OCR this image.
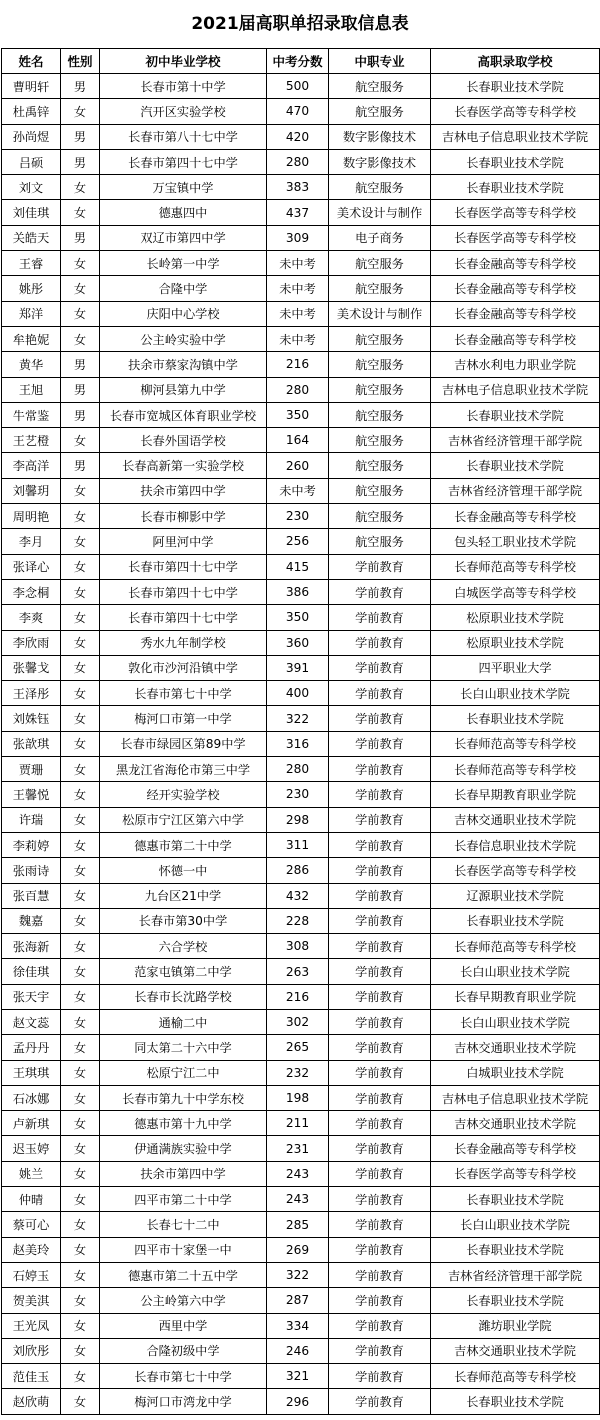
2021届高职单招录取信息表
姓名	性别	初中毕业学校	中考分数	中职专业	高职录取学校
曹明轩	男	长春市第十中学	500	航空服务	长春职业技术学院
杜禹锌	女	汽开区实验学校	470	航空服务	长春医学高等专科学校
孙尚煜	男	长春市第八十七中学	420	数字影像技术	吉林电子信息职业技术学院
吕硕	男	长春市第四十七中学	280	数字影像技术	长春职业技术学院
刘文	女	万宝镇中学	383	航空服务	长春职业技术学院
刘佳琪	女	德惠四中	437	美术设计与制作	长春医学高等专科学校
关皓天	男	双辽市第四中学	309	电子商务	长春医学高等专科学校
王睿	女	长岭第一中学	未中考	航空服务	长春金融高等专科学校
姚彤	女	合隆中学	未中考	航空服务	长春金融高等专科学校
郑洋	女	庆阳中心学校	未中考	美术设计与制作	长春金融高等专科学校
牟艳妮	女	公主岭实验中学	未中考	航空服务	长春金融高等专科学校
黄华	男	扶余市蔡家沟镇中学	216	航空服务	吉林水利电力职业学院
王旭	男	柳河县第九中学	280	航空服务	吉林电子信息职业技术学院
牛常鉴	男	长春市宽城区体育职业学校	350	航空服务	长春职业技术学院
王艺橙	女	长春外国语学校	164	航空服务	吉林省经济管理干部学院
李高洋	男	长春高新第一实验学校	260	航空服务	长春职业技术学院
刘馨玥	女	扶余市第四中学	未中考	航空服务	吉林省经济管理干部学院
周明艳	女	长春市柳影中学	230	航空服务	长春金融高等专科学校
李月	女	阿里河中学	256	航空服务	包头轻工职业技术学院
张译心	女	长春市第四十七中学	415	学前教育	长春师范高等专科学校
李念桐	女	长春市第四十七中学	386	学前教育	白城医学高等专科学校
李爽	女	长春市第四十七中学	350	学前教育	松原职业技术学院
李欣雨	女	秀水九年制学校	360	学前教育	松原职业技术学院
张馨戈	女	敦化市沙河沿镇中学	391	学前教育	四平职业大学
王泽彤	女	长春市第七十中学	400	学前教育	长白山职业技术学院
刘姝钰	女	梅河口市第一中学	322	学前教育	长春职业技术学院
张歆琪	女	长春市绿园区第89中学	316	学前教育	长春师范高等专科学校
贾珊	女	黑龙江省海伦市第三中学	280	学前教育	长春师范高等专科学校
王馨悦	女	经开实验学校	230	学前教育	长春早期教育职业学院
许瑞	女	松原市宁江区第六中学	298	学前教育	吉林交通职业技术学院
李莉婷	女	德惠市第二十中学	311	学前教育	长春信息职业技术学院
张雨诗	女	怀德一中	286	学前教育	长春医学高等专科学校
张百慧	女	九台区21中学	432	学前教育	辽源职业技术学院
魏嘉	女	长春市第30中学	228	学前教育	长春职业技术学院
张海新	女	六合学校	308	学前教育	长春师范高等专科学校
徐佳琪	女	范家屯镇第二中学	263	学前教育	长白山职业技术学院
张天宇	女	长春市长沈路学校	216	学前教育	长春早期教育职业学院
赵文蕊	女	通榆二中	302	学前教育	长白山职业技术学院
孟丹丹	女	同太第二十六中学	265	学前教育	吉林交通职业技术学院
王琪琪	女	松原宁江二中	232	学前教育	白城职业技术学院
石冰娜	女	长春市第九十中学东校	198	学前教育	吉林电子信息职业技术学院
卢新琪	女	德惠市第十九中学	211	学前教育	吉林交通职业技术学院
迟玉婷	女	伊通满族实验中学	231	学前教育	长春金融高等专科学校
姚兰	女	扶余市第四中学	243	学前教育	长春医学高等专科学校
仲晴	女	四平市第二十中学	243	学前教育	长春职业技术学院
蔡可心	女	长春七十二中	285	学前教育	长白山职业技术学院
赵美玲	女	四平市十家堡一中	269	学前教育	长春职业技术学院
石婷玉	女	德惠市第二十五中学	322	学前教育	吉林省经济管理干部学院
贺美淇	女	公主岭第六中学	287	学前教育	长春职业技术学院
王光凤	女	西里中学	334	学前教育	潍坊职业学院
刘欣彤	女	合隆初级中学	246	学前教育	吉林交通职业技术学院
范佳玉	女	长春市第七十中学	321	学前教育	长春师范高等专科学校
赵欣萌	女	梅河口市湾龙中学	296	学前教育	长春职业技术学院
